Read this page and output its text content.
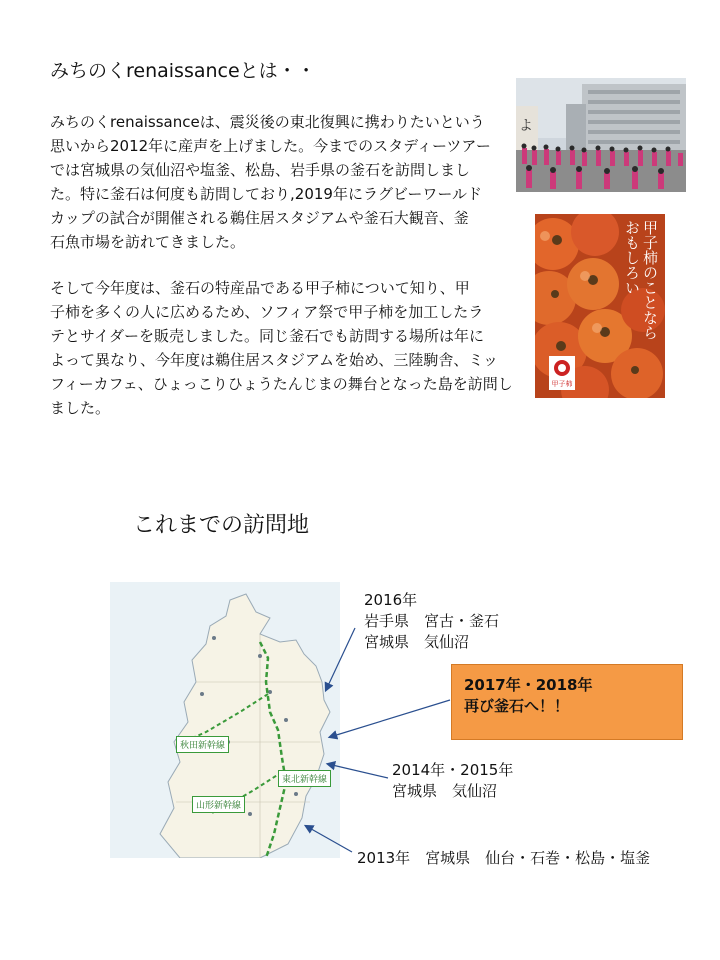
みちのくrenaissanceとは・・
みちのくrenaissanceは、震災後の東北復興に携わりたいという
思いから2012年に産声を上げました。今までのスタディーツアー
では宮城県の気仙沼や塩釜、松島、岩手県の釜石を訪問しまし
た。特に釜石は何度も訪問しており,2019年にラグビーワールド
カップの試合が開催される鵜住居スタジアムや釜石大観音、釜
石魚市場を訪れてきました。
そして今年度は、釜石の特産品である甲子柿について知り、甲
子柿を多くの人に広めるため、ソフィア祭で甲子柿を加工したラ
テとサイダーを販売しました。同じ釜石でも訪問する場所は年に
よって異なり、今年度は鵜住居スタジアムを始め、三陸駒舎、ミッ
フィーカフェ、ひょっこりひょうたんじまの舞台となった島を訪問し
ました。
よ
甲子柿のことなら
おもしろい
甲子柿
これまでの訪問地
秋田新幹線
東北新幹線
山形新幹線
2016年
岩手県　宮古・釜石
宮城県　気仙沼
2017年・2018年
再び釜石へ！！
2014年・2015年
宮城県　気仙沼
2013年　宮城県　仙台・石巻・松島・塩釜
